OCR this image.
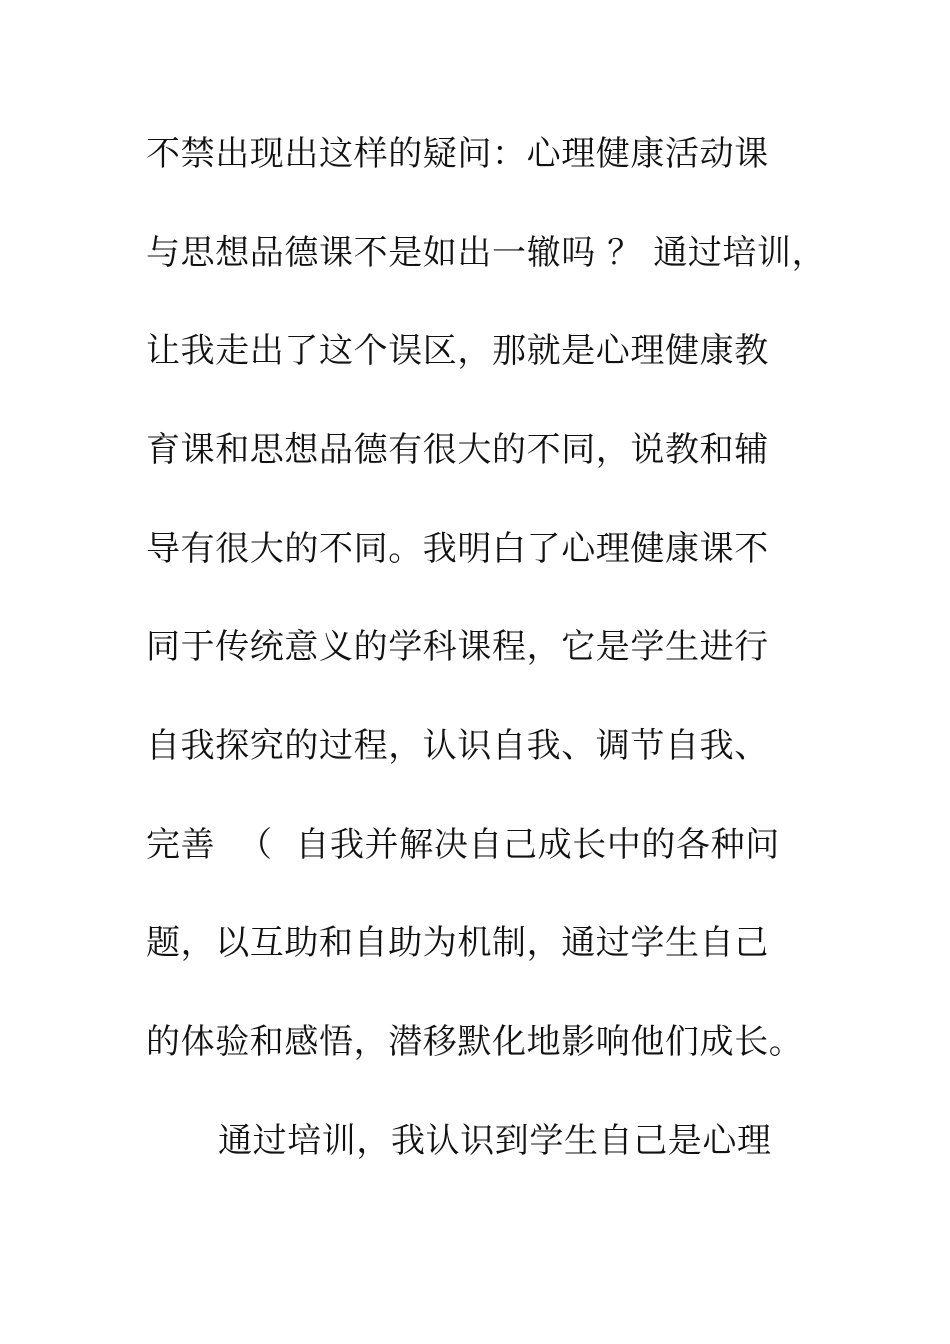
不禁出现出这样的疑问：心理健康活动课
与思想品德课不是如出一辙吗 ？ 通过培训，
让我走出了这个误区，那就是心理健康教
育课和思想品德有很大的不同，说教和辅
导有很大的不同。我明白了心理健康课不
同于传统意义的学科课程，它是学生进行
自我探究的过程，认识自我、调节自我、
完善  （  自我并解决自己成长中的各种问
题，以互助和自助为机制，通过学生自己
的体验和感悟，潜移默化地影响他们成长。
通过培训，我认识到学生自己是心理
